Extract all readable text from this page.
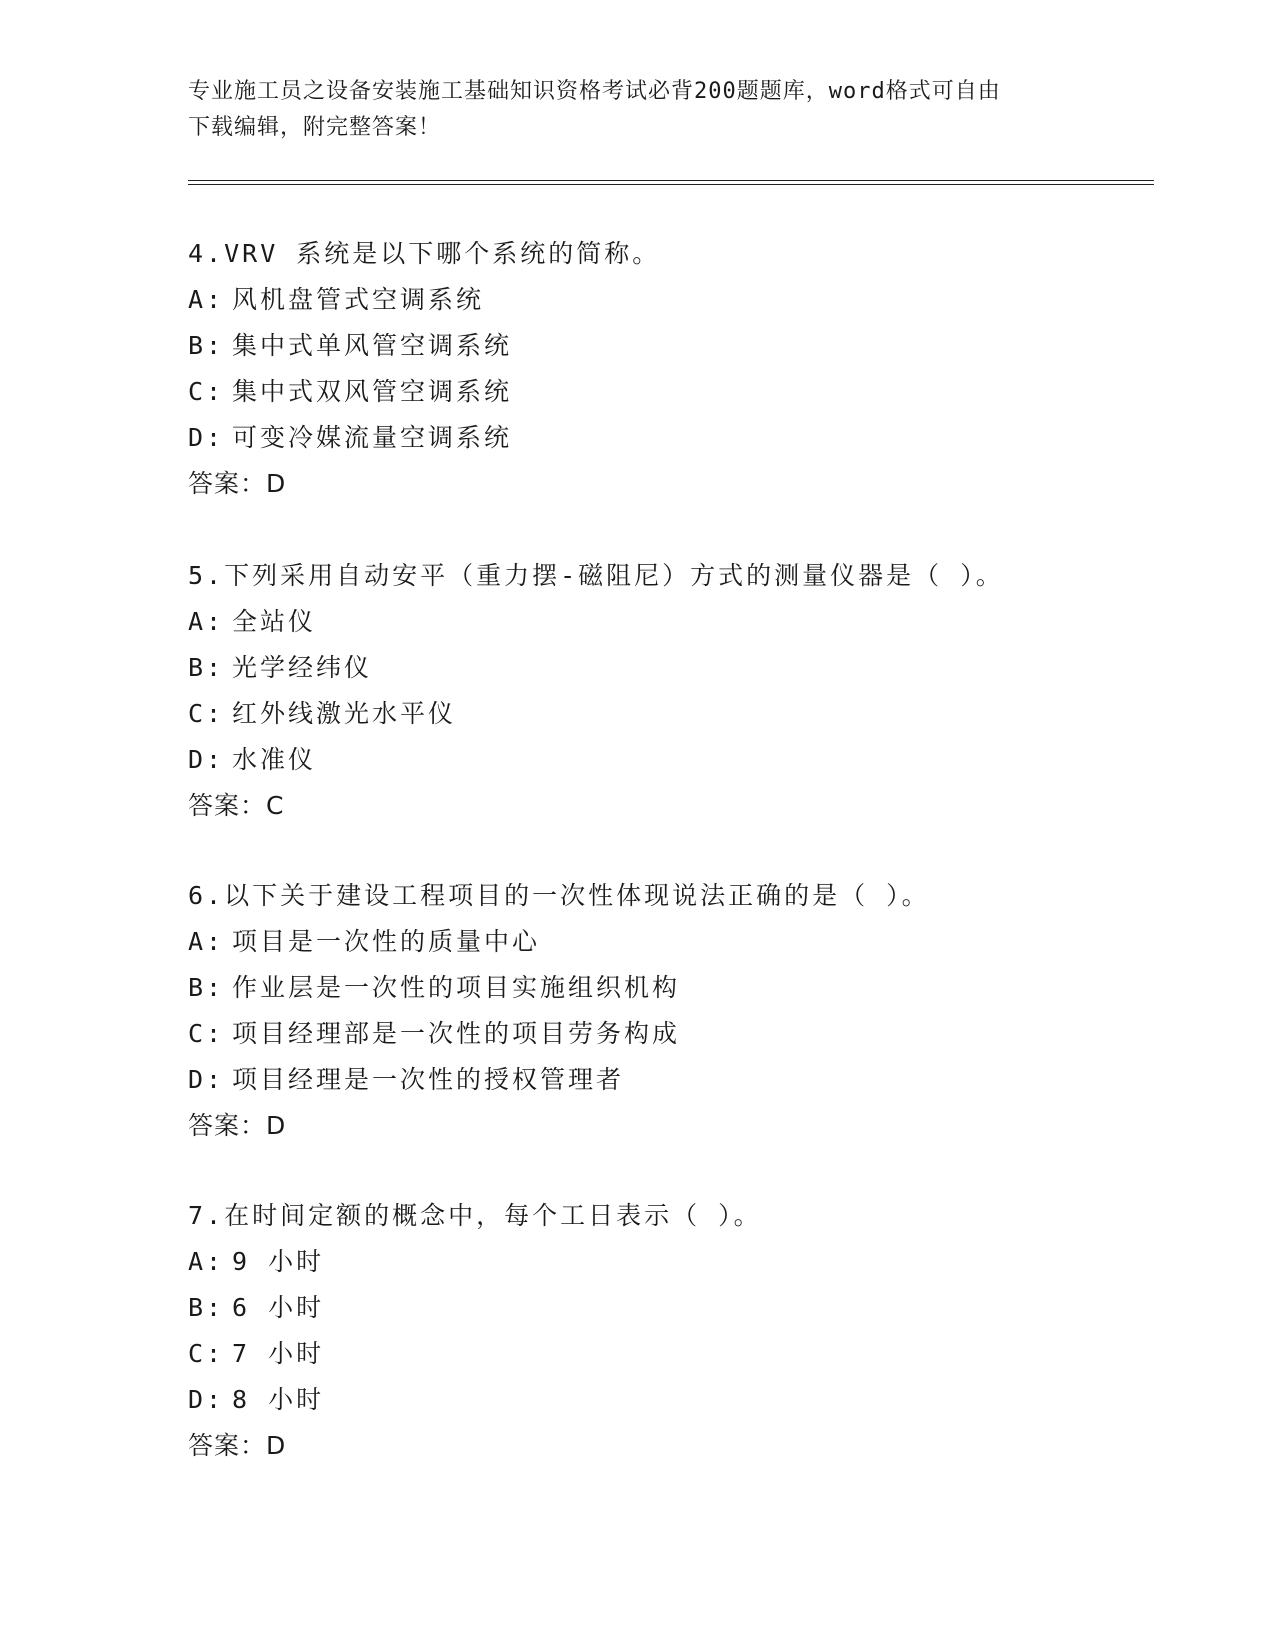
专业施工员之设备安装施工基础知识资格考试必背200题题库，word格式可自由
下载编辑，附完整答案！
4.VRV 系统是以下哪个系统的简称。
A: 风机盘管式空调系统
B: 集中式单风管空调系统
C: 集中式双风管空调系统
D: 可变冷媒流量空调系统
答案：D
5.下列采用自动安平（重力摆-磁阻尼）方式的测量仪器是（ ）。
A: 全站仪
B: 光学经纬仪
C: 红外线激光水平仪
D: 水准仪
答案：C
6.以下关于建设工程项目的一次性体现说法正确的是（ ）。
A: 项目是一次性的质量中心
B: 作业层是一次性的项目实施组织机构
C: 项目经理部是一次性的项目劳务构成
D: 项目经理是一次性的授权管理者
答案：D
7.在时间定额的概念中，每个工日表示（ ）。
A: 9 小时
B: 6 小时
C: 7 小时
D: 8 小时
答案：D
